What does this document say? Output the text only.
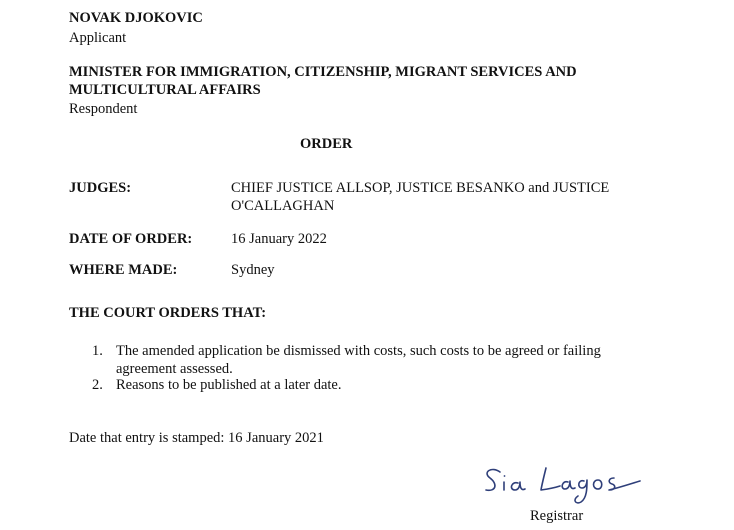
NOVAK DJOKOVIC
Applicant
MINISTER FOR IMMIGRATION, CITIZENSHIP, MIGRANT SERVICES AND
MULTICULTURAL AFFAIRS
Respondent
ORDER
JUDGES:	CHIEF JUSTICE ALLSOP, JUSTICE BESANKO and JUSTICE
O'CALLAGHAN
DATE OF ORDER:	16 January 2022
WHERE MADE:	Sydney
THE COURT ORDERS THAT:
1. The amended application be dismissed with costs, such costs to be agreed or failing
agreement assessed.
2. Reasons to be published at a later date.
Date that entry is stamped: 16 January 2021
Registrar
